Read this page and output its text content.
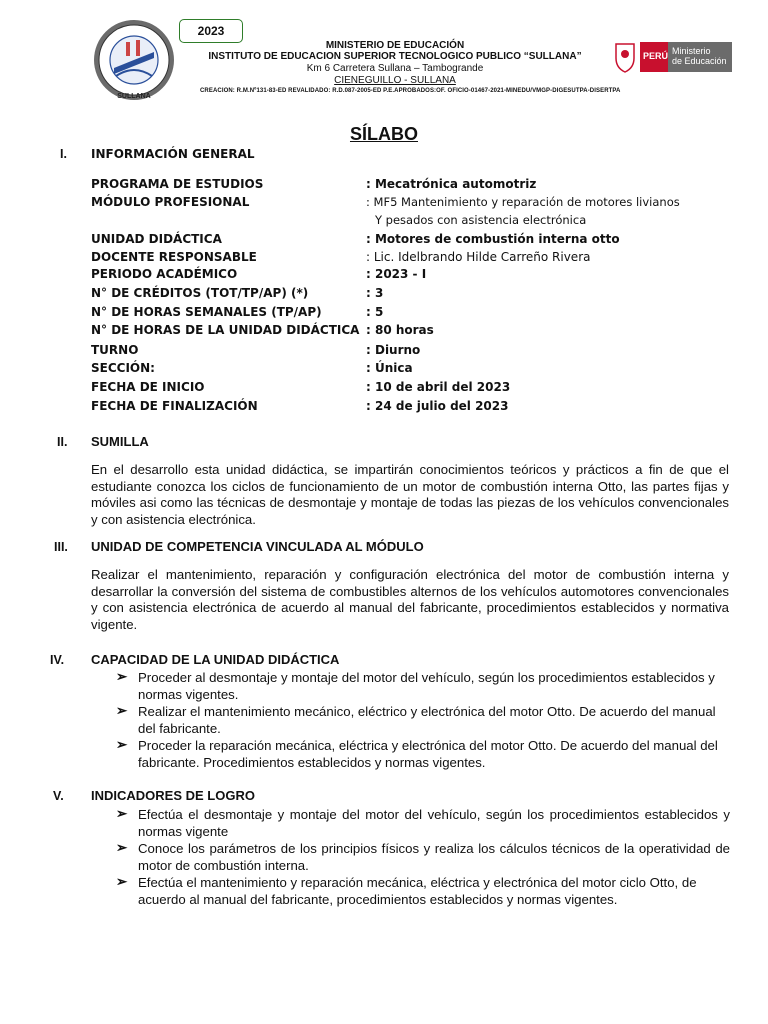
SULLANA
2023
MINISTERIO DE EDUCACIÓN
INSTITUTO DE EDUCACION SUPERIOR TECNOLOGICO PUBLICO “SULLANA”
Km 6 Carretera Sullana – Tambogrande
CIENEGUILLO - SULLANA
CREACION: R.M.Nº131-83-ED REVALIDADO: R.D.087-2005-ED P.E.APROBADOS:OF. OFICIO-01467-2021-MINEDU/VMGP-DIGESUTPA-DISERTPA
PERÚ Ministerio
de Educación
SÍLABO
I. INFORMACIÓN GENERAL
PROGRAMA DE ESTUDIOS	: Mecatrónica automotriz
MÓDULO PROFESIONAL	: MF5 Mantenimiento y reparación de motores livianos
Y pesados con asistencia electrónica
UNIDAD DIDÁCTICA	: Motores de combustión interna otto
DOCENTE RESPONSABLE	: Lic. Idelbrando Hilde Carreño Rivera
PERIODO ACADÉMICO	: 2023 - I
N° DE CRÉDITOS (TOT/TP/AP) (*)	: 3
N° DE HORAS SEMANALES (TP/AP)	: 5
N° DE HORAS DE LA UNIDAD DIDÁCTICA : 80 horas
TURNO	: Diurno
SECCIÓN:	: Única
FECHA DE INICIO	: 10 de abril del 2023
FECHA DE FINALIZACIÓN	: 24 de julio del 2023
II. SUMILLA
En el desarrollo esta unidad didáctica, se impartirán conocimientos teóricos y prácticos a fin de que el estudiante conozca los ciclos de funcionamiento de un motor de combustión interna Otto, las partes fijas y móviles asi como las técnicas de desmontaje y montaje de todas las piezas de los vehículos convencionales y con asistencia electrónica.
III. UNIDAD DE COMPETENCIA VINCULADA AL MÓDULO
Realizar el mantenimiento, reparación y configuración electrónica del motor de combustión interna y desarrollar la conversión del sistema de combustibles alternos de los vehículos automotores convencionales y con asistencia electrónica de acuerdo al manual del fabricante, procedimientos establecidos y normativa vigente.
IV. CAPACIDAD DE LA UNIDAD DIDÁCTICA
➢ Proceder al desmontaje y montaje del motor del vehículo, según los procedimientos establecidos y normas vigentes.
➢ Realizar el mantenimiento mecánico, eléctrico y electrónica del motor Otto. De acuerdo del manual del fabricante.
➢ Proceder la reparación mecánica, eléctrica y electrónica del motor Otto. De acuerdo del manual del fabricante. Procedimientos establecidos y normas vigentes.
V. INDICADORES DE LOGRO
➢ Efectúa el desmontaje y montaje del motor del vehículo, según los procedimientos establecidos y normas vigente
➢ Conoce los parámetros de los principios físicos y realiza los cálculos técnicos de la operatividad de motor de combustión interna.
➢ Efectúa el mantenimiento y reparación mecánica, eléctrica y electrónica del motor ciclo Otto, de acuerdo al manual del fabricante, procedimientos establecidos y normas vigentes.
